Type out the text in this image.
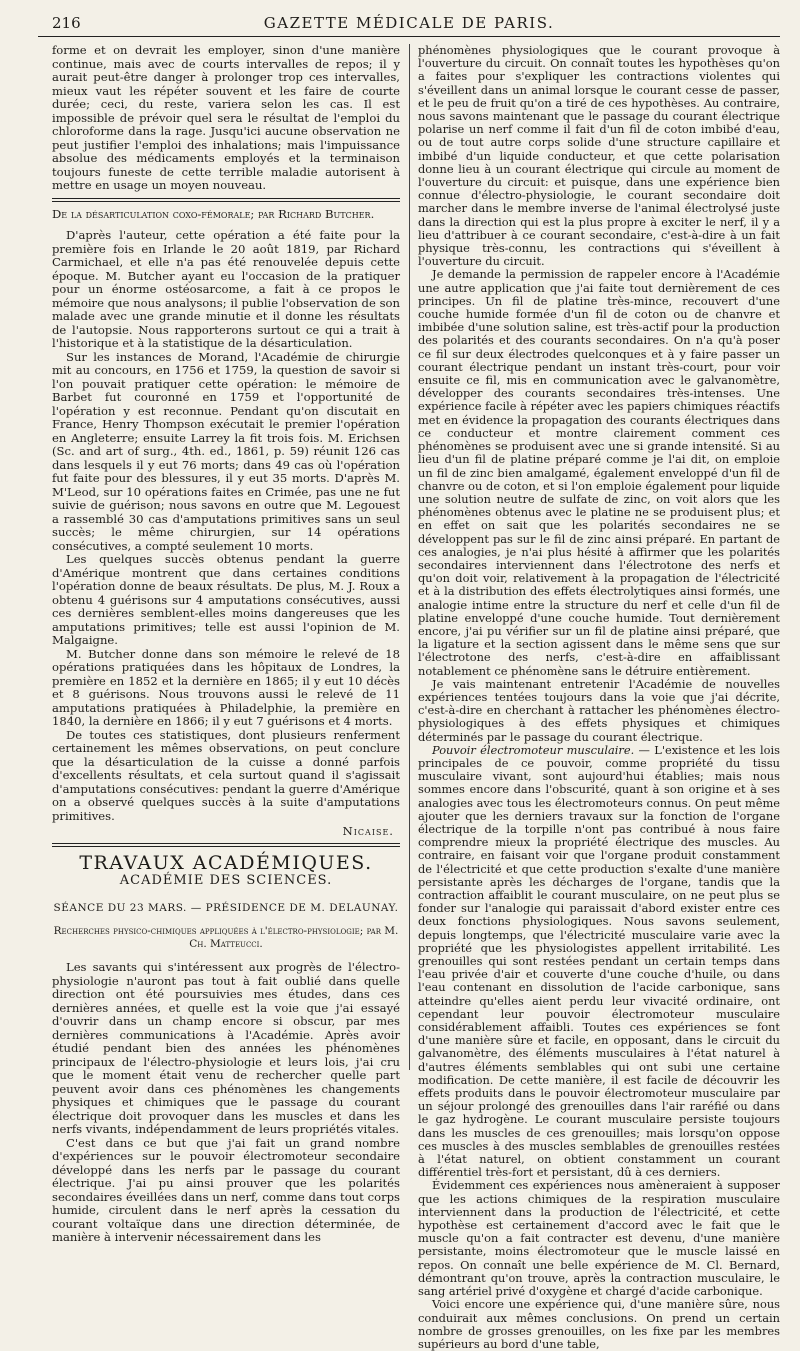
216	GAZETTE MÉDICALE DE PARIS.

forme et on devrait les employer, sinon d'une manière continue, mais avec de courts intervalles de repos; il y aurait peut-être danger à prolonger trop ces intervalles, mieux vaut les répéter souvent et les faire de courte durée; ceci, du reste, variera selon les cas. Il est impossible de prévoir quel sera le résultat de l'emploi du chloroforme dans la rage. Jusqu'ici aucune observation ne peut justifier l'emploi des inhalations; mais l'impuissance absolue des médicaments employés et la terminaison toujours funeste de cette terrible maladie autorisent à mettre en usage un moyen nouveau.

De la désarticulation coxo-fémorale; par Richard Butcher.

D'après l'auteur, cette opération a été faite pour la première fois en Irlande le 20 août 1819, par Richard Carmichael, et elle n'a pas été renouvelée depuis cette époque. M. Butcher ayant eu l'occasion de la pratiquer pour un énorme ostéosarcome, a fait à ce propos le mémoire que nous analysons; il publie l'observation de son malade avec une grande minutie et il donne les résultats de l'autopsie. Nous rapporterons surtout ce qui a trait à l'historique et à la statistique de la désarticulation.

Sur les instances de Morand, l'Académie de chirurgie mit au concours, en 1756 et 1759, la question de savoir si l'on pouvait pratiquer cette opération: le mémoire de Barbet fut couronné en 1759 et l'opportunité de l'opération y est reconnue. Pendant qu'on discutait en France, Henry Thompson exécutait le premier l'opération en Angleterre; ensuite Larrey la fit trois fois. M. Erichsen (Sc. and art of surg., 4th. ed., 1861, p. 59) réunit 126 cas dans lesquels il y eut 76 morts; dans 49 cas où l'opération fut faite pour des blessures, il y eut 35 morts. D'après M. M'Leod, sur 10 opérations faites en Crimée, pas une ne fut suivie de guérison; nous savons en outre que M. Legouest a rassemblé 30 cas d'amputations primitives sans un seul succès; le même chirurgien, sur 14 opérations consécutives, a compté seulement 10 morts.

Les quelques succès obtenus pendant la guerre d'Amérique montrent que dans certaines conditions l'opération donne de beaux résultats. De plus, M. J. Roux a obtenu 4 guérisons sur 4 amputations consécutives, aussi ces dernières semblent-elles moins dangereuses que les amputations primitives; telle est aussi l'opinion de M. Malgaigne.

M. Butcher donne dans son mémoire le relevé de 18 opérations pratiquées dans les hôpitaux de Londres, la première en 1852 et la dernière en 1865; il y eut 10 décès et 8 guérisons. Nous trouvons aussi le relevé de 11 amputations pratiquées à Philadelphie, la première en 1840, la dernière en 1866; il y eut 7 guérisons et 4 morts.

De toutes ces statistiques, dont plusieurs renferment certainement les mêmes observations, on peut conclure que la désarticulation de la cuisse a donné parfois d'excellents résultats, et cela surtout quand il s'agissait d'amputations consécutives: pendant la guerre d'Amérique on a observé quelques succès à la suite d'amputations primitives.

Nicaise.

TRAVAUX ACADÉMIQUES.

ACADÉMIE DES SCIENCES.

SÉANCE DU 23 MARS. — PRÉSIDENCE DE M. DELAUNAY.

Recherches physico-chimiques appliquées à l'électro-physiologie; par M. Ch. Matteucci.

Les savants qui s'intéressent aux progrès de l'électro-physiologie n'auront pas tout à fait oublié dans quelle direction ont été poursuivies mes études, dans ces dernières années, et quelle est la voie que j'ai essayé d'ouvrir dans un champ encore si obscur, par mes dernières communications à l'Académie. Après avoir étudié pendant bien des années les phénomènes principaux de l'électro-physiologie et leurs lois, j'ai cru que le moment était venu de rechercher quelle part peuvent avoir dans ces phénomènes les changements physiques et chimiques que le passage du courant électrique doit provoquer dans les muscles et dans les nerfs vivants, indépendamment de leurs propriétés vitales.

C'est dans ce but que j'ai fait un grand nombre d'expériences sur le pouvoir électromoteur secondaire développé dans les nerfs par le passage du courant électrique. J'ai pu ainsi prouver que les polarités secondaires éveillées dans un nerf, comme dans tout corps humide, circulent dans le nerf après la cessation du courant voltaïque dans une direction déterminée, de manière à intervenir nécessairement dans les

phénomènes physiologiques que le courant provoque à l'ouverture du circuit. On connaît toutes les hypothèses qu'on a faites pour s'expliquer les contractions violentes qui s'éveillent dans un animal lorsque le courant cesse de passer, et le peu de fruit qu'on a tiré de ces hypothèses. Au contraire, nous savons maintenant que le passage du courant électrique polarise un nerf comme il fait d'un fil de coton imbibé d'eau, ou de tout autre corps solide d'une structure capillaire et imbibé d'un liquide conducteur, et que cette polarisation donne lieu à un courant électrique qui circule au moment de l'ouverture du circuit: et puisque, dans une expérience bien connue d'électro-physiologie, le courant secondaire doit marcher dans le membre inverse de l'animal électrolysé juste dans la direction qui est la plus propre à exciter le nerf, il y a lieu d'attribuer à ce courant secondaire, c'est-à-dire à un fait physique très-connu, les contractions qui s'éveillent à l'ouverture du circuit.

Je demande la permission de rappeler encore à l'Académie une autre application que j'ai faite tout dernièrement de ces principes. Un fil de platine très-mince, recouvert d'une couche humide formée d'un fil de coton ou de chanvre et imbibée d'une solution saline, est très-actif pour la production des polarités et des courants secondaires. On n'a qu'à poser ce fil sur deux électrodes quelconques et à y faire passer un courant électrique pendant un instant très-court, pour voir ensuite ce fil, mis en communication avec le galvanomètre, développer des courants secondaires très-intenses. Une expérience facile à répéter avec les papiers chimiques réactifs met en évidence la propagation des courants électriques dans ce conducteur et montre clairement comment ces phénomènes se produisent avec une si grande intensité. Si au lieu d'un fil de platine préparé comme je l'ai dit, on emploie un fil de zinc bien amalgamé, également enveloppé d'un fil de chanvre ou de coton, et si l'on emploie également pour liquide une solution neutre de sulfate de zinc, on voit alors que les phénomènes obtenus avec le platine ne se produisent plus; et en effet on sait que les polarités secondaires ne se développent pas sur le fil de zinc ainsi préparé. En partant de ces analogies, je n'ai plus hésité à affirmer que les polarités secondaires interviennent dans l'électrotone des nerfs et qu'on doit voir, relativement à la propagation de l'électricité et à la distribution des effets électrolytiques ainsi formés, une analogie intime entre la structure du nerf et celle d'un fil de platine enveloppé d'une couche humide. Tout dernièrement encore, j'ai pu vérifier sur un fil de platine ainsi préparé, que la ligature et la section agissent dans le même sens que sur l'électrotone des nerfs, c'est-à-dire en affaiblissant notablement ce phénomène sans le détruire entièrement.

Je vais maintenant entretenir l'Académie de nouvelles expériences tentées toujours dans la voie que j'ai décrite, c'est-à-dire en cherchant à rattacher les phénomènes électro-physiologiques à des effets physiques et chimiques déterminés par le passage du courant électrique.

Pouvoir électromoteur musculaire. — L'existence et les lois principales de ce pouvoir, comme propriété du tissu musculaire vivant, sont aujourd'hui établies; mais nous sommes encore dans l'obscurité, quant à son origine et à ses analogies avec tous les électromoteurs connus. On peut même ajouter que les derniers travaux sur la fonction de l'organe électrique de la torpille n'ont pas contribué à nous faire comprendre mieux la propriété électrique des muscles. Au contraire, en faisant voir que l'organe produit constamment de l'électricité et que cette production s'exalte d'une manière persistante après les décharges de l'organe, tandis que la contraction affaiblit le courant musculaire, on ne peut plus se fonder sur l'analogie qui paraissait d'abord exister entre ces deux fonctions physiologiques. Nous savons seulement, depuis longtemps, que l'électricité musculaire varie avec la propriété que les physiologistes appellent irritabilité. Les grenouilles qui sont restées pendant un certain temps dans l'eau privée d'air et couverte d'une couche d'huile, ou dans l'eau contenant en dissolution de l'acide carbonique, sans atteindre qu'elles aient perdu leur vivacité ordinaire, ont cependant leur pouvoir électromoteur musculaire considérablement affaibli. Toutes ces expériences se font d'une manière sûre et facile, en opposant, dans le circuit du galvanomètre, des éléments musculaires à l'état naturel à d'autres éléments semblables qui ont subi une certaine modification. De cette manière, il est facile de découvrir les effets produits dans le pouvoir électromoteur musculaire par un séjour prolongé des grenouilles dans l'air raréfié ou dans le gaz hydrogène. Le courant musculaire persiste toujours dans les muscles de ces grenouilles; mais lorsqu'on oppose ces muscles à des muscles semblables de grenouilles restées à l'état naturel, on obtient constamment un courant différentiel très-fort et persistant, dû à ces derniers.

Évidemment ces expériences nous amèneraient à supposer que les actions chimiques de la respiration musculaire interviennent dans la production de l'électricité, et cette hypothèse est certainement d'accord avec le fait que le muscle qu'on a fait contracter est devenu, d'une manière persistante, moins électromoteur que le muscle laissé en repos. On connaît une belle expérience de M. Cl. Bernard, démontrant qu'on trouve, après la contraction musculaire, le sang artériel privé d'oxygène et chargé d'acide carbonique.

Voici encore une expérience qui, d'une manière sûre, nous conduirait aux mêmes conclusions. On prend un certain nombre de grosses grenouilles, on les fixe par les membres supérieurs au bord d'une table,
